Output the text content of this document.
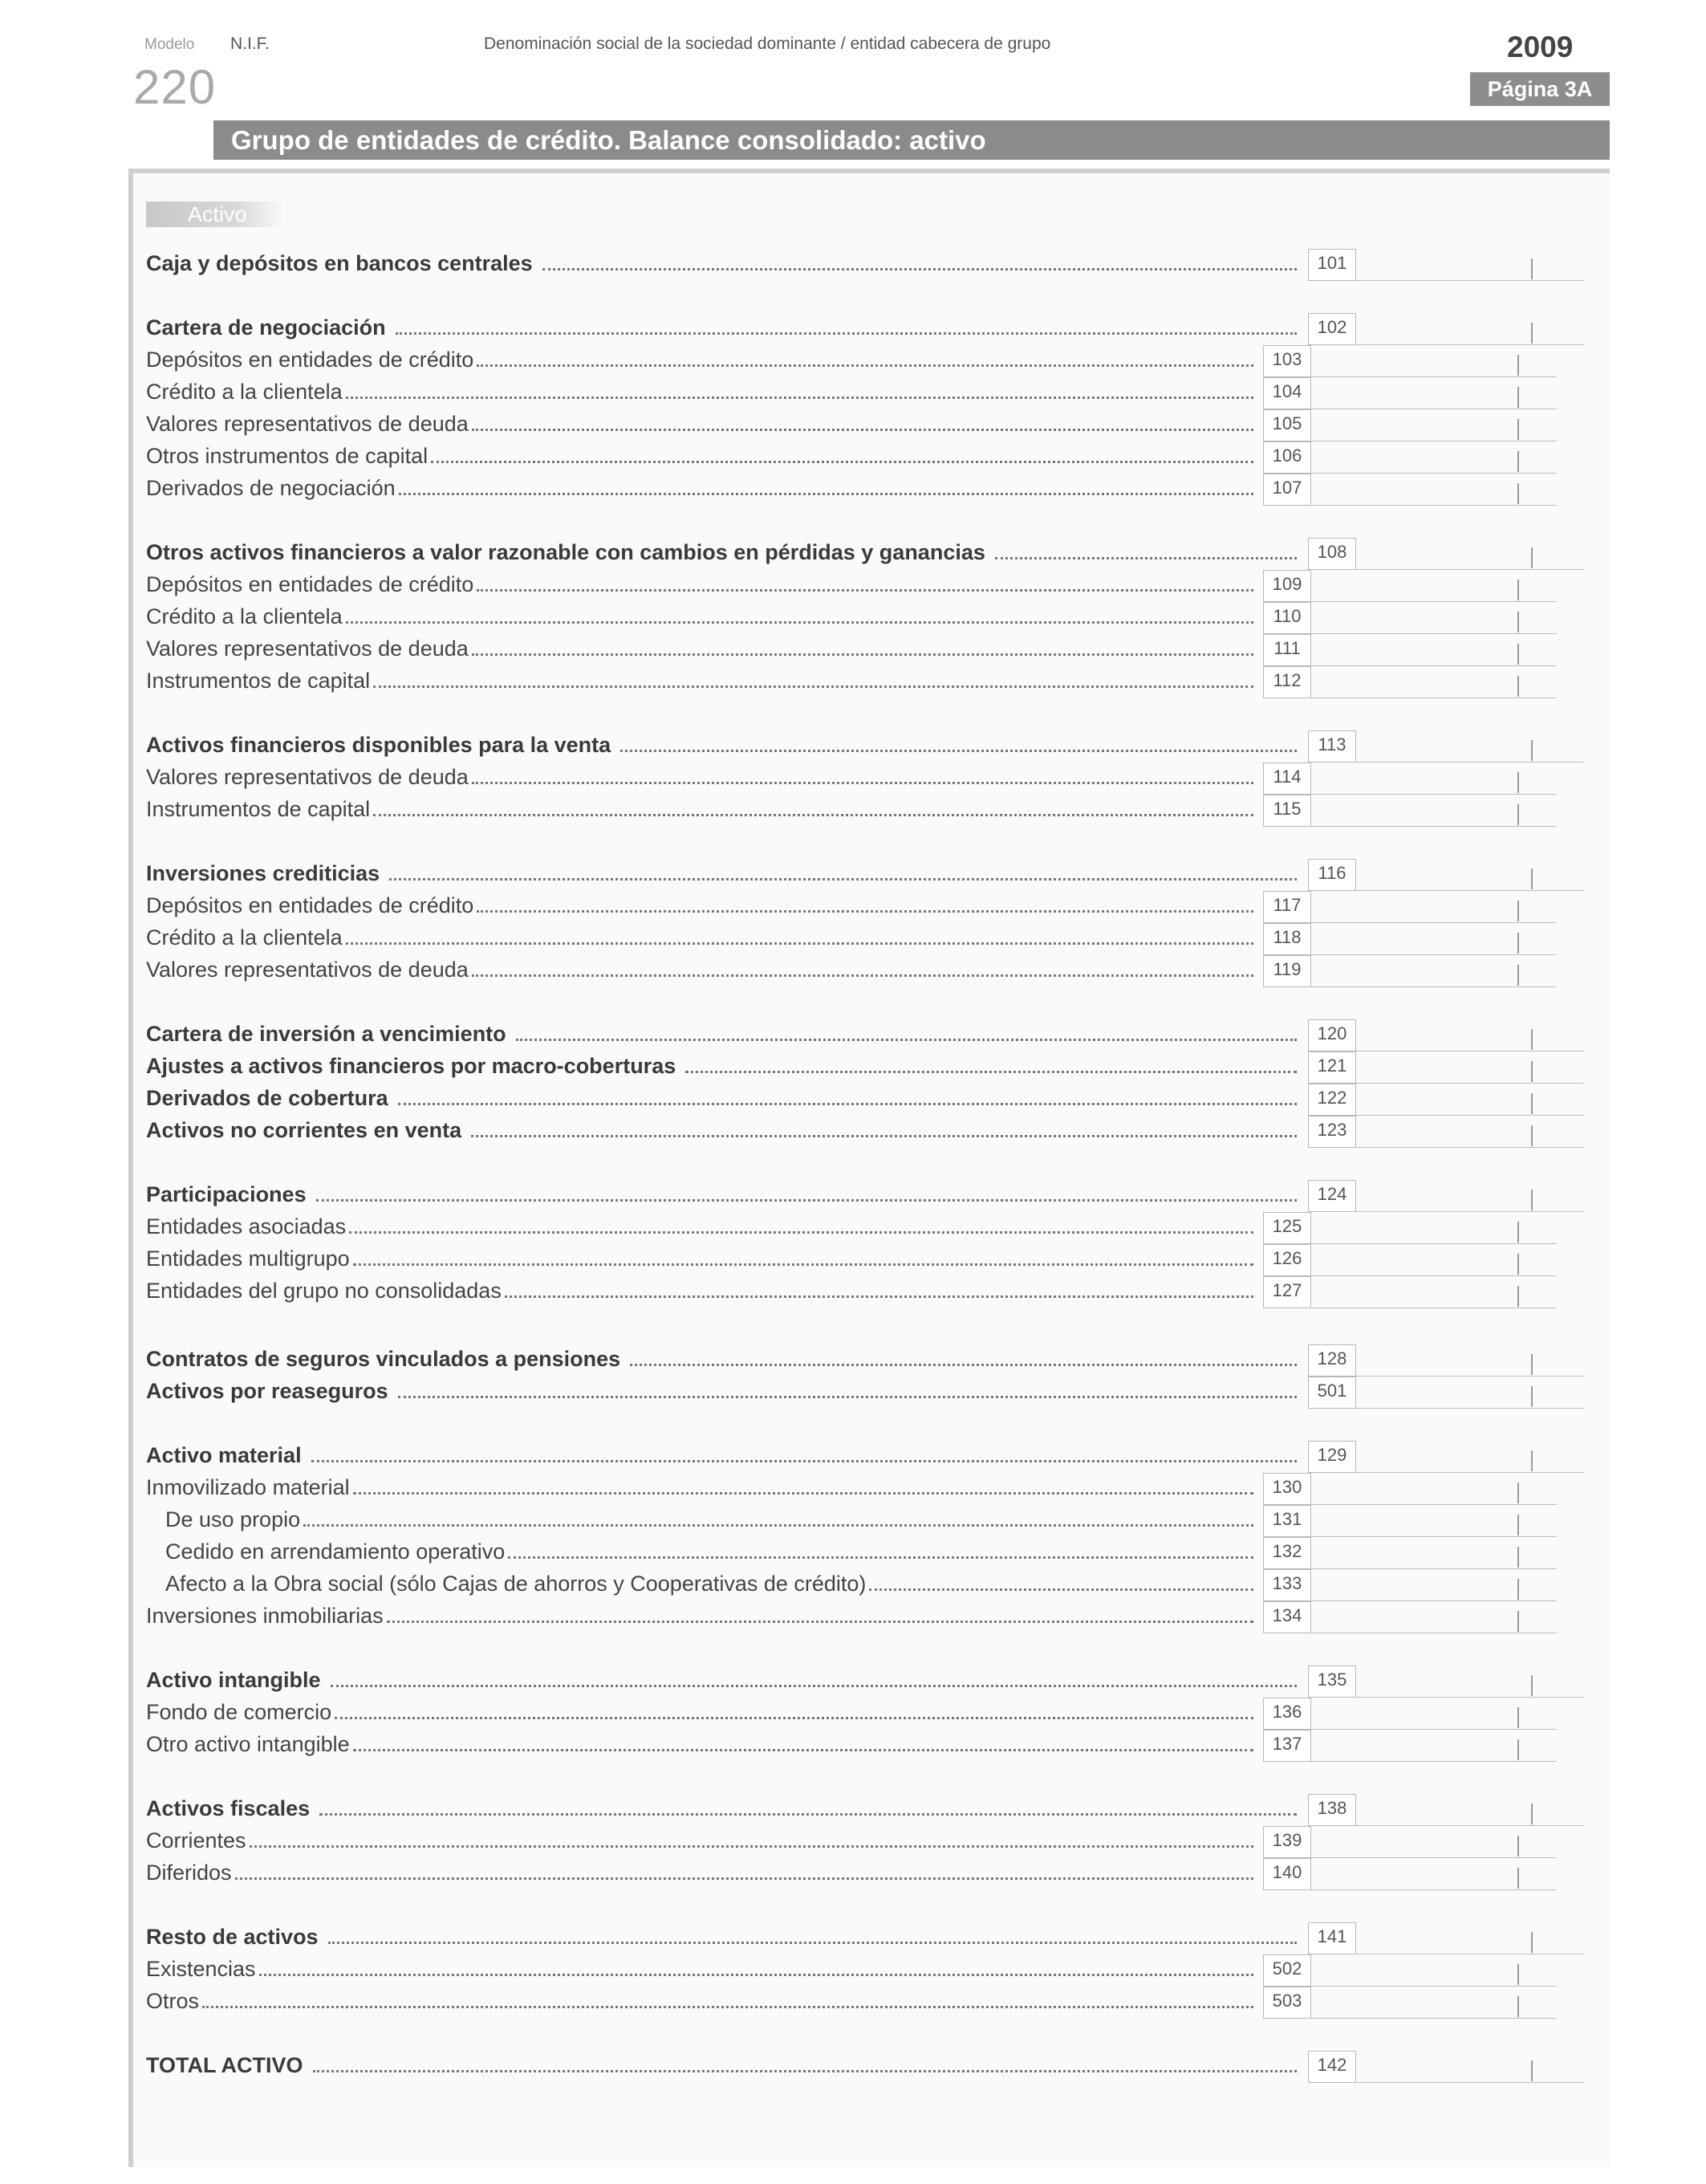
Modelo
220
N.I.F.	Denominación social de la sociedad dominante / entidad cabecera de grupo	2009
Página 3A
Grupo de entidades de crédito. Balance consolidado: activo
Activo
Caja y depósitos en bancos centrales	101
Cartera de negociación	102
Depósitos en entidades de crédito	103
Crédito a la clientela	104
Valores representativos de deuda	105
Otros instrumentos de capital	106
Derivados de negociación	107
Otros activos financieros a valor razonable con cambios en pérdidas y ganancias	108
Depósitos en entidades de crédito	109
Crédito a la clientela	110
Valores representativos de deuda	111
Instrumentos de capital	112
Activos financieros disponibles para la venta	113
Valores representativos de deuda	114
Instrumentos de capital	115
Inversiones crediticias	116
Depósitos en entidades de crédito	117
Crédito a la clientela	118
Valores representativos de deuda	119
Cartera de inversión a vencimiento	120
Ajustes a activos financieros por macro-coberturas	121
Derivados de cobertura	122
Activos no corrientes en venta	123
Participaciones	124
Entidades asociadas	125
Entidades multigrupo	126
Entidades del grupo no consolidadas	127
Contratos de seguros vinculados a pensiones	128
Activos por reaseguros	501
Activo material	129
Inmovilizado material	130
De uso propio	131
Cedido en arrendamiento operativo	132
Afecto a la Obra social (sólo Cajas de ahorros y Cooperativas de crédito)	133
Inversiones inmobiliarias	134
Activo intangible	135
Fondo de comercio	136
Otro activo intangible	137
Activos fiscales	138
Corrientes	139
Diferidos	140
Resto de activos	141
Existencias	502
Otros	503
TOTAL ACTIVO	142
